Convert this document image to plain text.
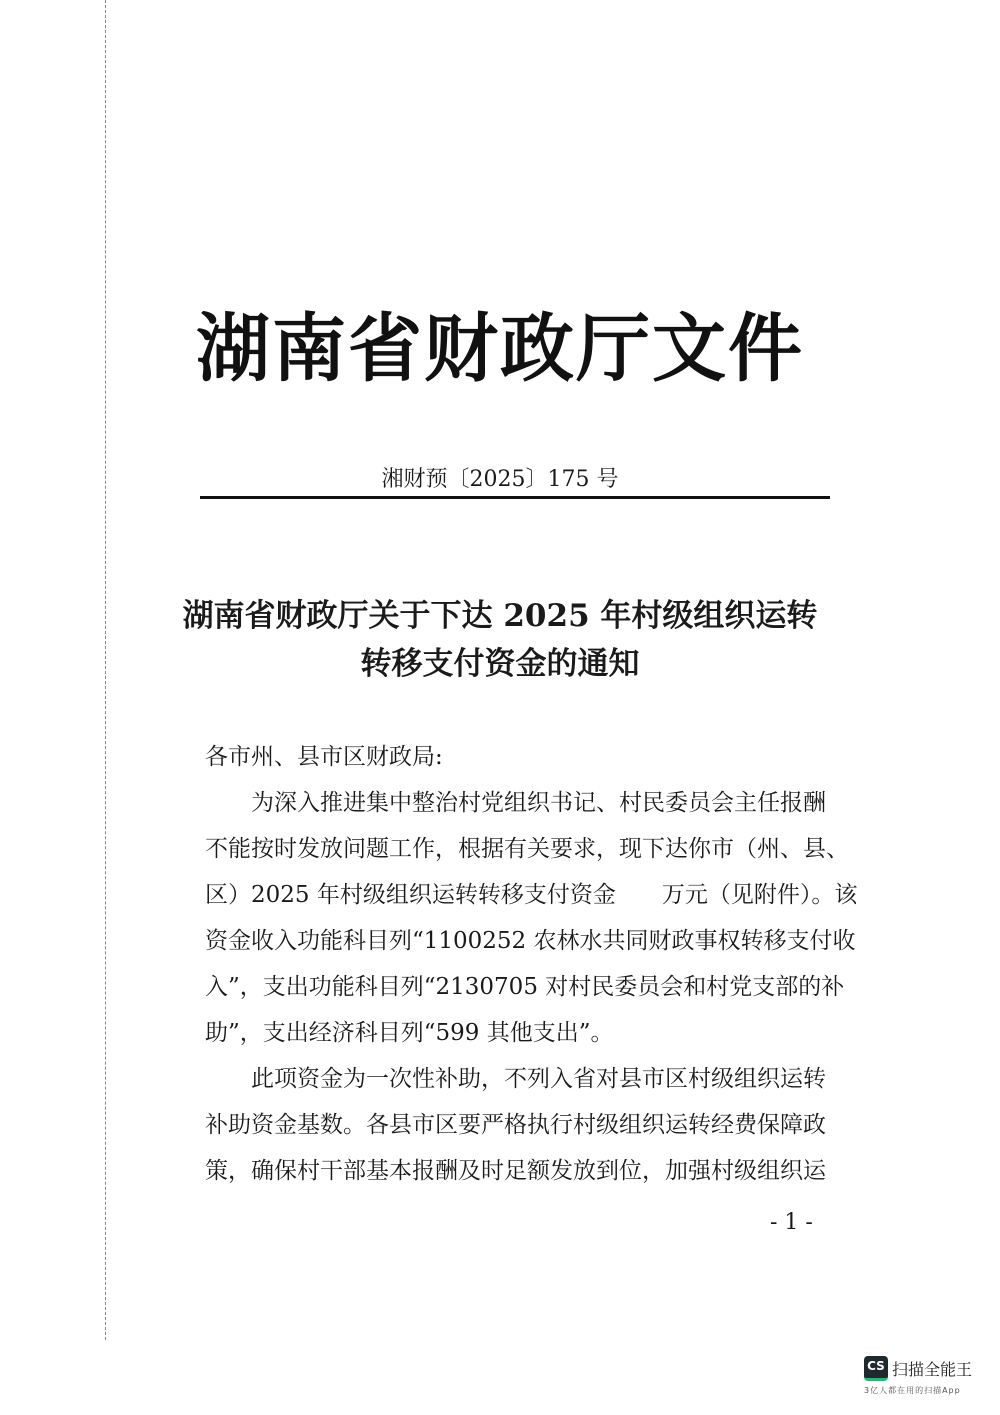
湖南省财政厅文件
湘财预〔2025〕175 号
湖南省财政厅关于下达 2025 年村级组织运转
转移支付资金的通知
各市州、县市区财政局:
　　为深入推进集中整治村党组织书记、村民委员会主任报酬
不能按时发放问题工作，根据有关要求，现下达你市（州、县、
区）2025 年村级组织运转转移支付资金　　万元（见附件）。该
资金收入功能科目列“1100252 农林水共同财政事权转移支付收
入”，支出功能科目列“2130705 对村民委员会和村党支部的补
助”，支出经济科目列“599 其他支出”。
　　此项资金为一次性补助，不列入省对县市区村级组织运转
补助资金基数。各县市区要严格执行村级组织运转经费保障政
策，确保村干部基本报酬及时足额发放到位，加强村级组织运
- 1 -
CS 扫描全能王
3亿人都在用的扫描App
